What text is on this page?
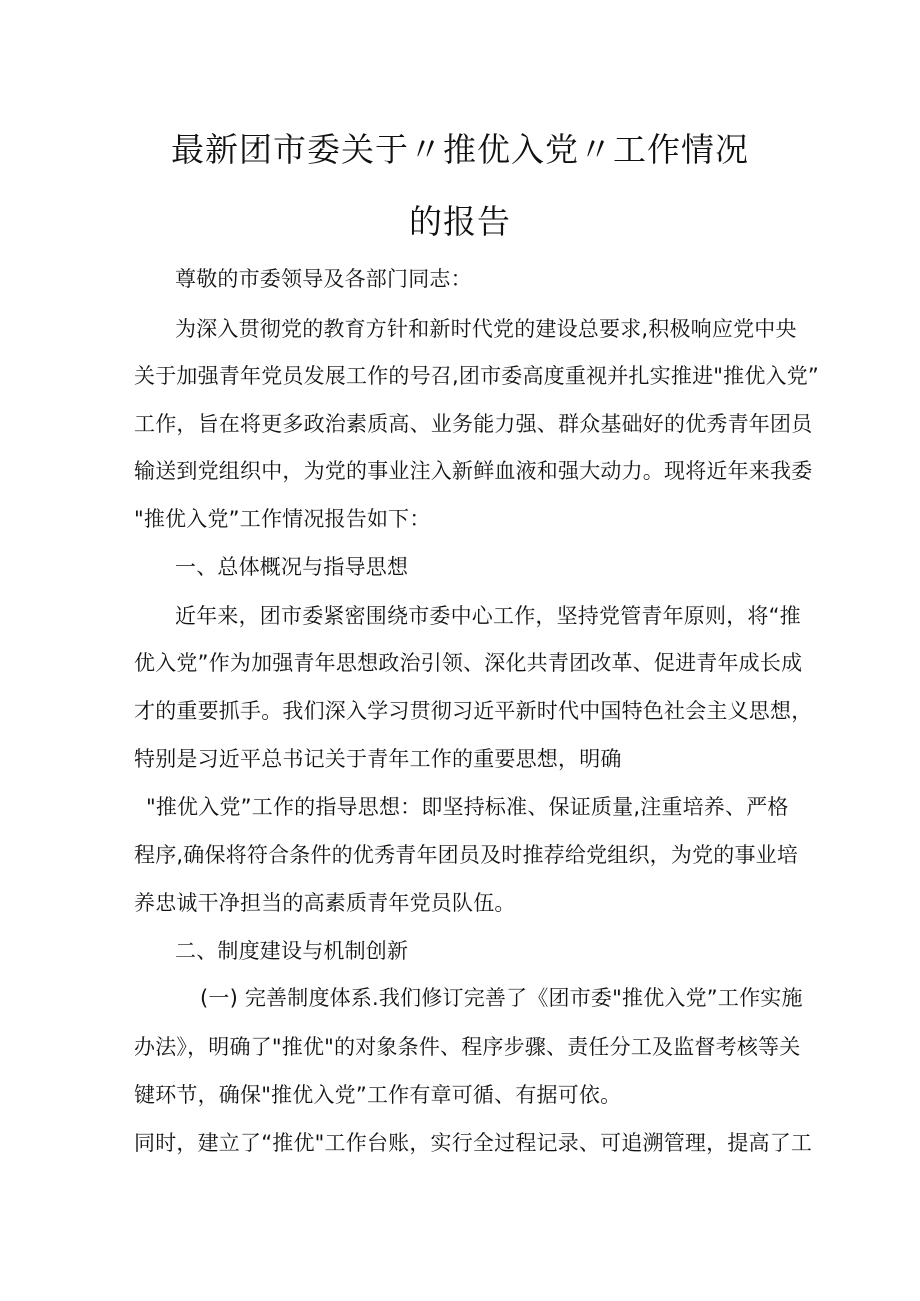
最新团市委关于〃推优入党〃工作情况
的报告
尊敬的市委领导及各部门同志：
为深入贯彻党的教育方针和新时代党的建设总要求,积极响应党中央
关于加强青年党员发展工作的号召,团市委高度重视并扎实推进"推优入党”
工作，旨在将更多政治素质高、业务能力强、群众基础好的优秀青年团员
输送到党组织中，为党的事业注入新鲜血液和强大动力。现将近年来我委
"推优入党”工作情况报告如下：
一、总体概况与指导思想
近年来，团市委紧密围绕市委中心工作，坚持党管青年原则，将“推
优入党”作为加强青年思想政治引领、深化共青团改革、促进青年成长成
才的重要抓手。我们深入学习贯彻习近平新时代中国特色社会主义思想，
特别是习近平总书记关于青年工作的重要思想，明确
"推优入党”工作的指导思想：即坚持标准、保证质量,注重培养、严格
程序,确保将符合条件的优秀青年团员及时推荐给党组织，为党的事业培
养忠诚干净担当的高素质青年党员队伍。
二、制度建设与机制创新
(一) 完善制度体系.我们修订完善了《团市委"推优入党”工作实施
办法》，明确了"推优"的对象条件、程序步骤、责任分工及监督考核等关
键环节，确保"推优入党”工作有章可循、有据可依。
同时，建立了“推优"工作台账，实行全过程记录、可追溯管理，提高了工
